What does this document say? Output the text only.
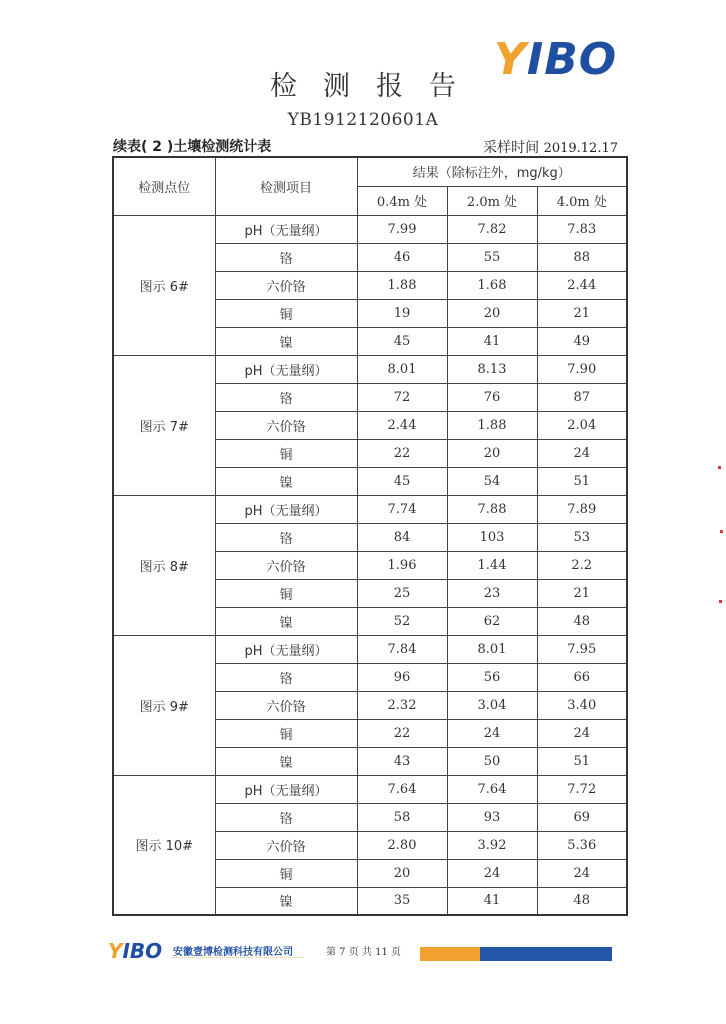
YIBO
检测报告
YB1912120601A
续表( 2 )土壤检测统计表	采样时间 2019.12.17
检测点位	检测项目	结果（除标注外，mg/kg）		
		0.4m 处	2.0m 处	4.0m 处
图示 6#	pH（无量纲）	7.99	7.82	7.83
	铬	46	55	88
	六价铬	1.88	1.68	2.44
	铜	19	20	21
	镍	45	41	49
图示 7#	pH（无量纲）	8.01	8.13	7.90
	铬	72	76	87
	六价铬	2.44	1.88	2.04
	铜	22	20	24
	镍	45	54	51
图示 8#	pH（无量纲）	7.74	7.88	7.89
	铬	84	103	53
	六价铬	1.96	1.44	2.2
	铜	25	23	21
	镍	52	62	48
图示 9#	pH（无量纲）	7.84	8.01	7.95
	铬	96	56	66
	六价铬	2.32	3.04	3.40
	铜	22	24	24
	镍	43	50	51
图示 10#	pH（无量纲）	7.64	7.64	7.72
	铬	58	93	69
	六价铬	2.80	3.92	5.36
	铜	20	24	24
	镍	35	41	48
YIBO 安徽壹博检测科技有限公司	第 7 页 共 11 页
